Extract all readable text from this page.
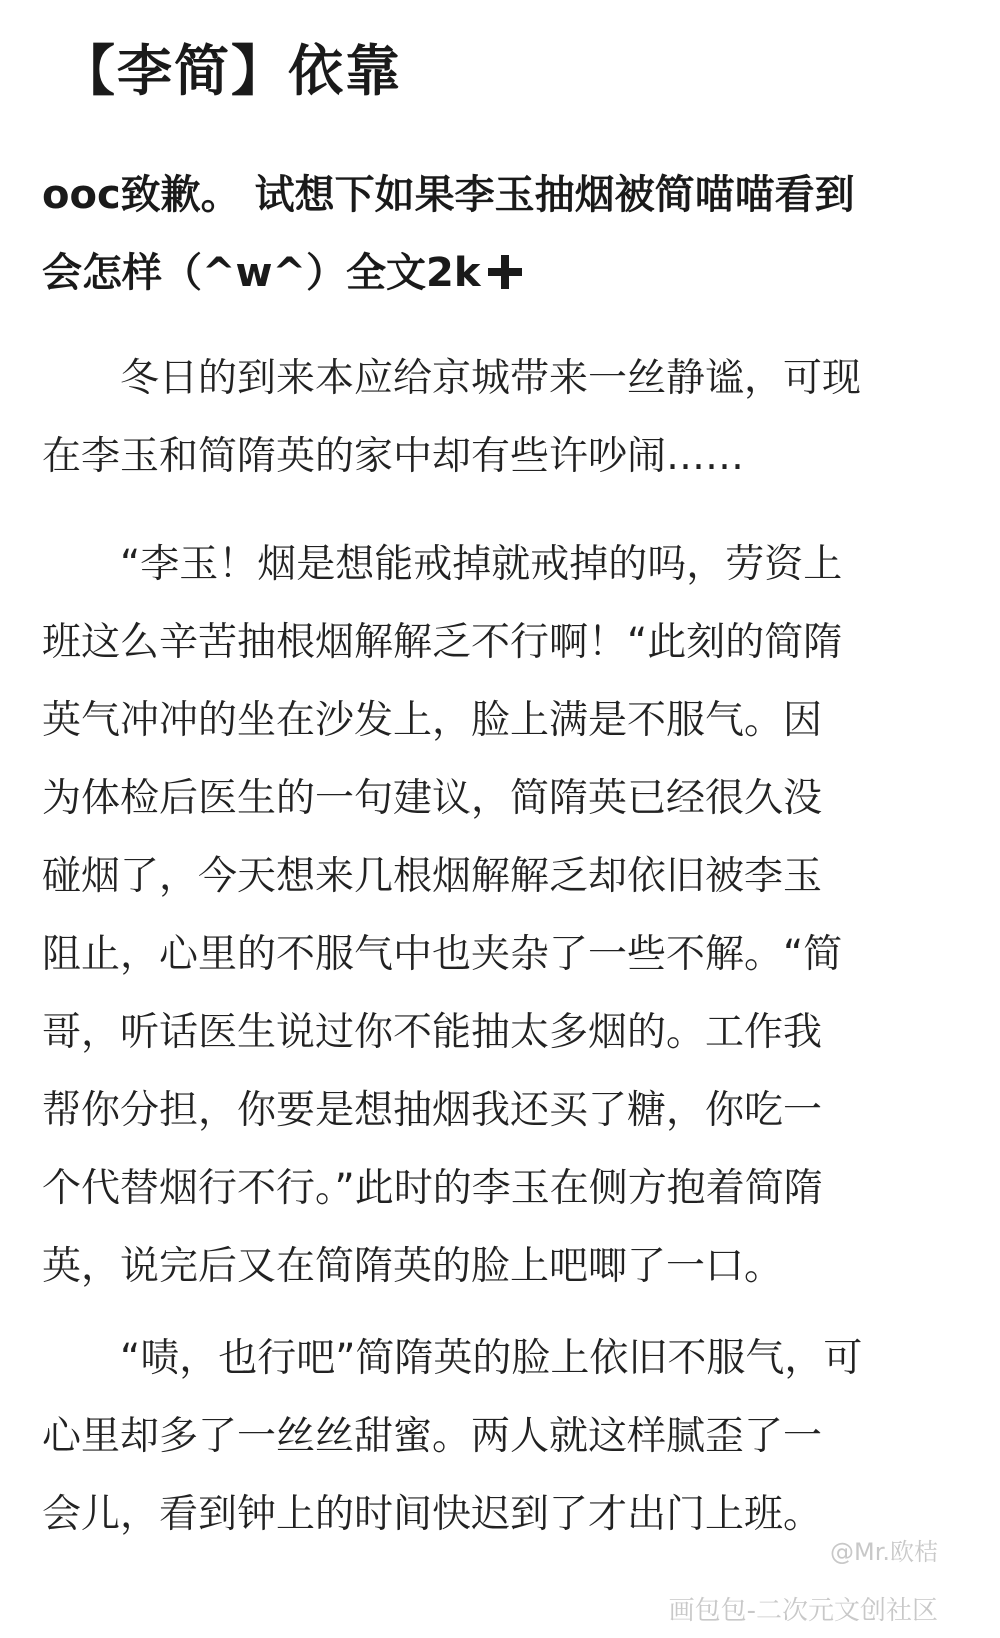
【李简】依靠
ooc致歉。 试想下如果李玉抽烟被简喵喵看到
会怎样（^w^）全文2k
冬日的到来本应给京城带来一丝静谧，可现
在李玉和简隋英的家中却有些许吵闹……
“李玉！烟是想能戒掉就戒掉的吗，劳资上
班这么辛苦抽根烟解解乏不行啊！“此刻的简隋
英气冲冲的坐在沙发上，脸上满是不服气。因
为体检后医生的一句建议，简隋英已经很久没
碰烟了，今天想来几根烟解解乏却依旧被李玉
阻止，心里的不服气中也夹杂了一些不解。“简
哥，听话医生说过你不能抽太多烟的。工作我
帮你分担，你要是想抽烟我还买了糖，你吃一
个代替烟行不行。”此时的李玉在侧方抱着简隋
英，说完后又在简隋英的脸上吧唧了一口。
“啧，也行吧”简隋英的脸上依旧不服气，可
心里却多了一丝丝甜蜜。两人就这样腻歪了一
会儿，看到钟上的时间快迟到了才出门上班。
@Mr.欧桔
画包包-二次元文创社区
